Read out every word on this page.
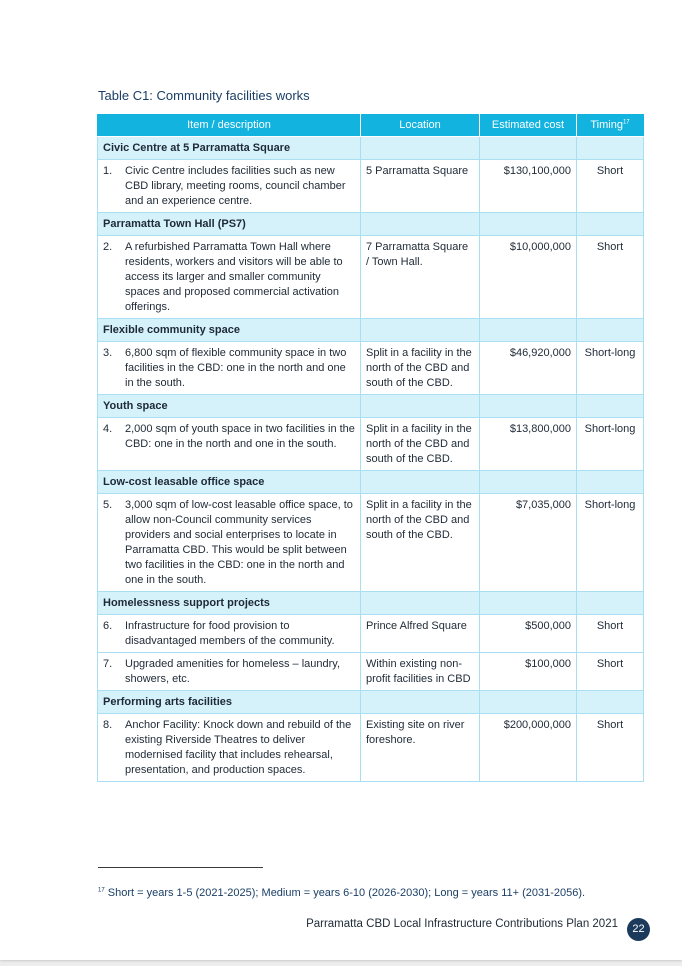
Table C1: Community facilities works
Item / description	Location	Estimated cost	Timing$^{17}$
Civic Centre at 5 Parramatta Square			

1. Civic Centre includes facilities such as new CBD library, meeting rooms, council chamber and an experience centre.	5 Parramatta Square	$130,100,000	Short
Parramatta Town Hall (PS7)			

2. A refurbished Parramatta Town Hall where residents, workers and visitors will be able to access its larger and smaller community spaces and proposed commercial activation offerings.	7 Parramatta Square / Town Hall.	$10,000,000	Short
Flexible community space			

3. 6,800 sqm of flexible community space in two facilities in the CBD: one in the north and one in the south.	Split in a facility in the north of the CBD and south of the CBD.	$46,920,000	Short-long
Youth space			

4. 2,000 sqm of youth space in two facilities in the CBD: one in the north and one in the south.	Split in a facility in the north of the CBD and south of the CBD.	$13,800,000	Short-long
Low-cost leasable office space			

5. 3,000 sqm of low-cost leasable office space, to allow non-Council community services providers and social enterprises to locate in Parramatta CBD. This would be split between two facilities in the CBD: one in the north and one in the south.	Split in a facility in the north of the CBD and south of the CBD.	$7,035,000	Short-long
Homelessness support projects			

6. Infrastructure for food provision to disadvantaged members of the community.	Prince Alfred Square	$500,000	Short

7. Upgraded amenities for homeless – laundry, showers, etc.	Within existing non-profit facilities in CBD	$100,000	Short
Performing arts facilities			

8. Anchor Facility: Knock down and rebuild of the existing Riverside Theatres to deliver modernised facility that includes rehearsal, presentation, and production spaces.	Existing site on river foreshore.	$200,000,000	Short

$^{17}$ Short = years 1-5 (2021-2025); Medium = years 6-10 (2026-2030); Long = years 11+ (2031-2056).

Parramatta CBD Local Infrastructure Contributions Plan 2021	22
